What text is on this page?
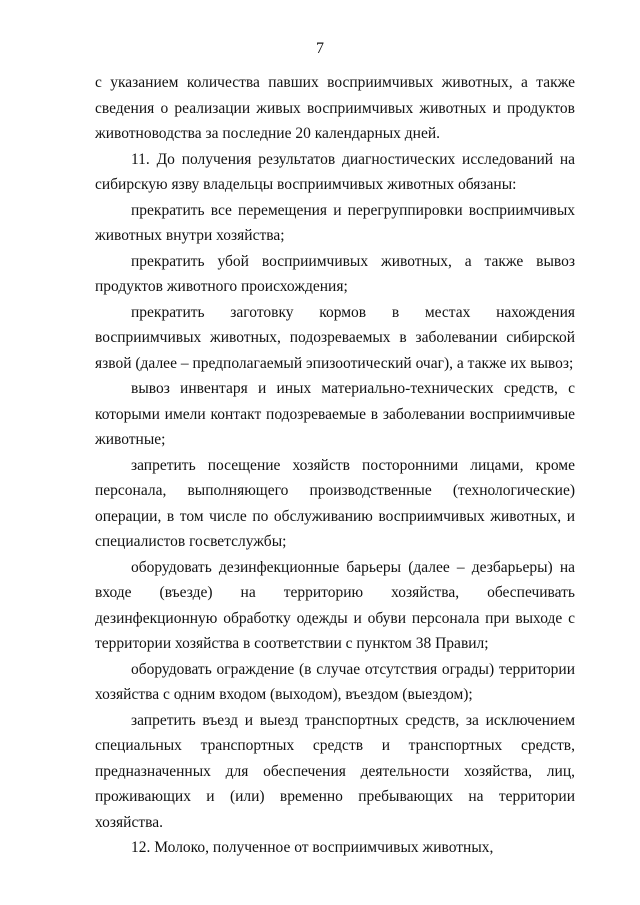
7

с указанием количества павших восприимчивых животных, а также сведения о реализации живых восприимчивых животных и продуктов животноводства за последние 20 календарных дней.

11. До получения результатов диагностических исследований на сибирскую язву владельцы восприимчивых животных обязаны:

прекратить все перемещения и перегруппировки восприимчивых животных внутри хозяйства;

прекратить убой восприимчивых животных, а также вывоз продуктов животного происхождения;

прекратить заготовку кормов в местах нахождения восприимчивых животных, подозреваемых в заболевании сибирской язвой (далее – предполагаемый эпизоотический очаг), а также их вывоз;

вывоз инвентаря и иных материально-технических средств, с которыми имели контакт подозреваемые в заболевании восприимчивые животные;

запретить посещение хозяйств посторонними лицами, кроме персонала, выполняющего производственные (технологические) операции, в том числе по обслуживанию восприимчивых животных, и специалистов госветслужбы;

оборудовать дезинфекционные барьеры (далее – дезбарьеры) на входе (въезде) на территорию хозяйства, обеспечивать дезинфекционную обработку одежды и обуви персонала при выходе с территории хозяйства в соответствии с пунктом 38 Правил;

оборудовать ограждение (в случае отсутствия ограды) территории хозяйства с одним входом (выходом), въездом (выездом);

запретить въезд и выезд транспортных средств, за исключением специальных транспортных средств и транспортных средств, предназначенных для обеспечения деятельности хозяйства, лиц, проживающих и (или) временно пребывающих на территории хозяйства.

12. Молоко, полученное от восприимчивых животных,
